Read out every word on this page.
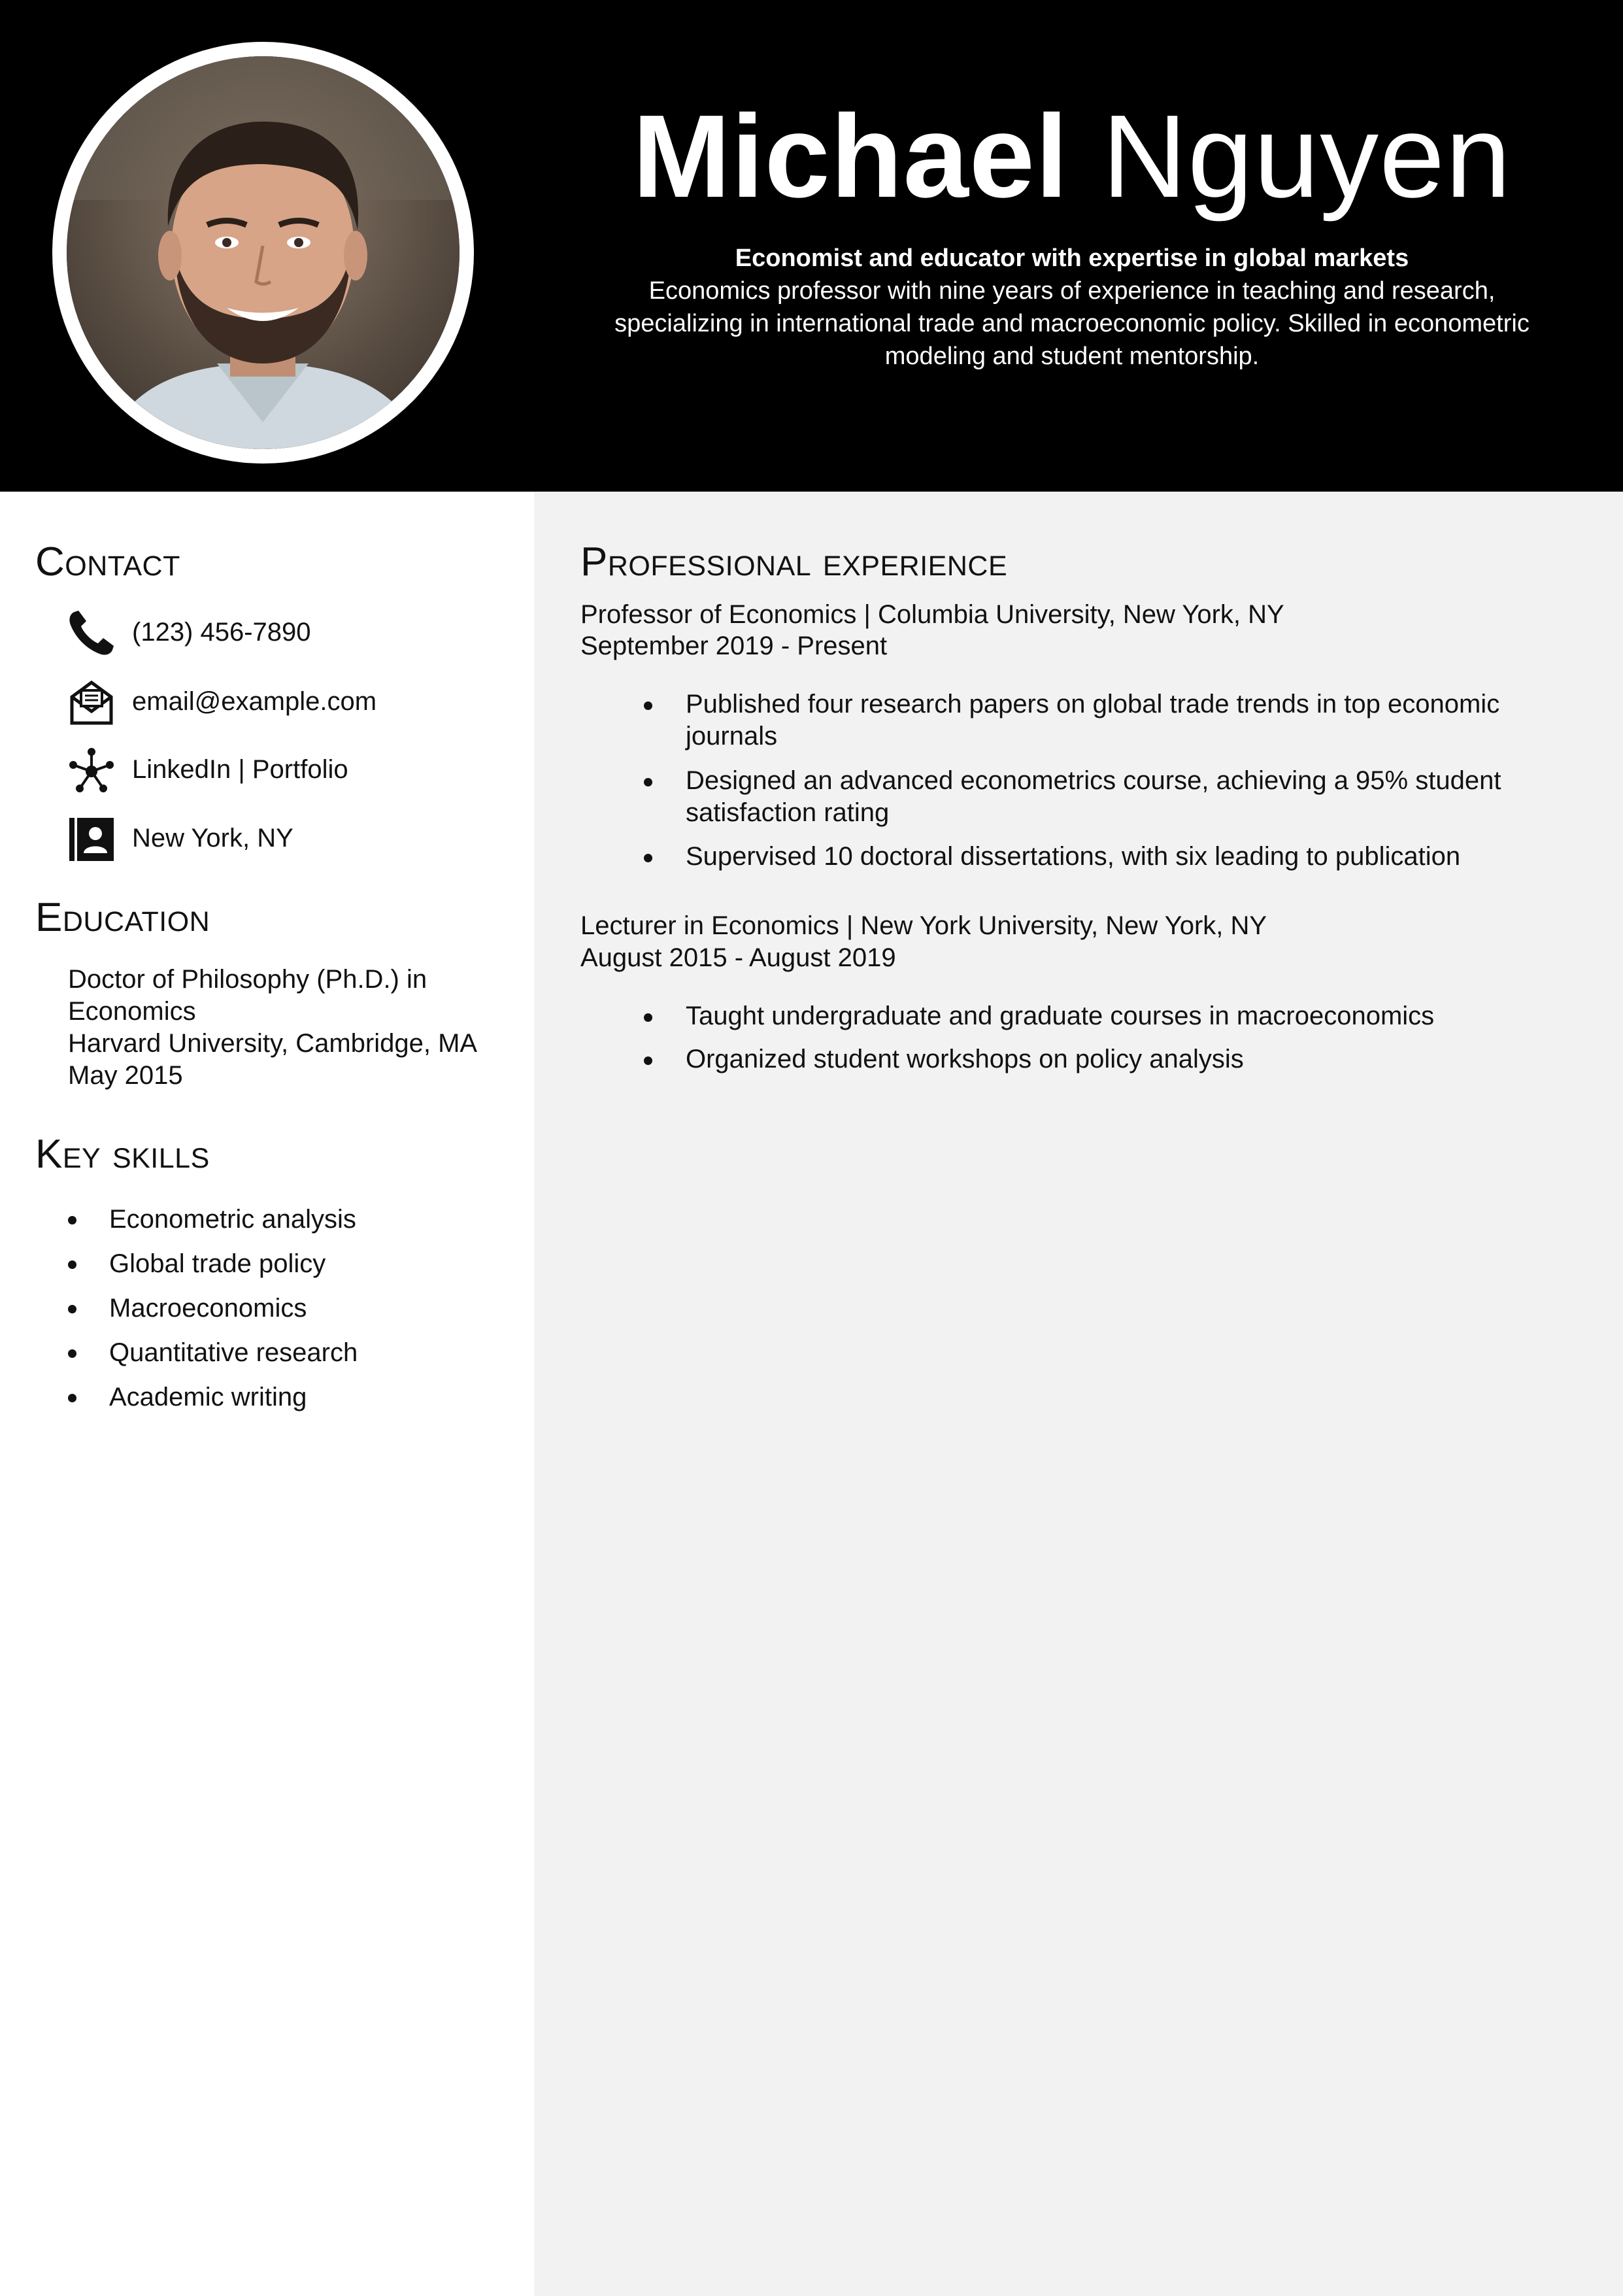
Michael Nguyen
Economist and educator with expertise in global markets
Economics professor with nine years of experience in teaching and research, specializing in international trade and macroeconomic policy. Skilled in econometric modeling and student mentorship.
Contact
(123) 456-7890
email@example.com
LinkedIn | Portfolio
New York, NY
Education
Doctor of Philosophy (Ph.D.) in
Economics
Harvard University, Cambridge, MA
May 2015
Key skills
Econometric analysis
Global trade policy
Macroeconomics
Quantitative research
Academic writing
Professional experience
Professor of Economics | Columbia University, New York, NY
September 2019 - Present
Published four research papers on global trade trends in top economic journals
Designed an advanced econometrics course, achieving a 95% student satisfaction rating
Supervised 10 doctoral dissertations, with six leading to publication
Lecturer in Economics | New York University, New York, NY
August 2015 - August 2019
Taught undergraduate and graduate courses in macroeconomics
Organized student workshops on policy analysis
